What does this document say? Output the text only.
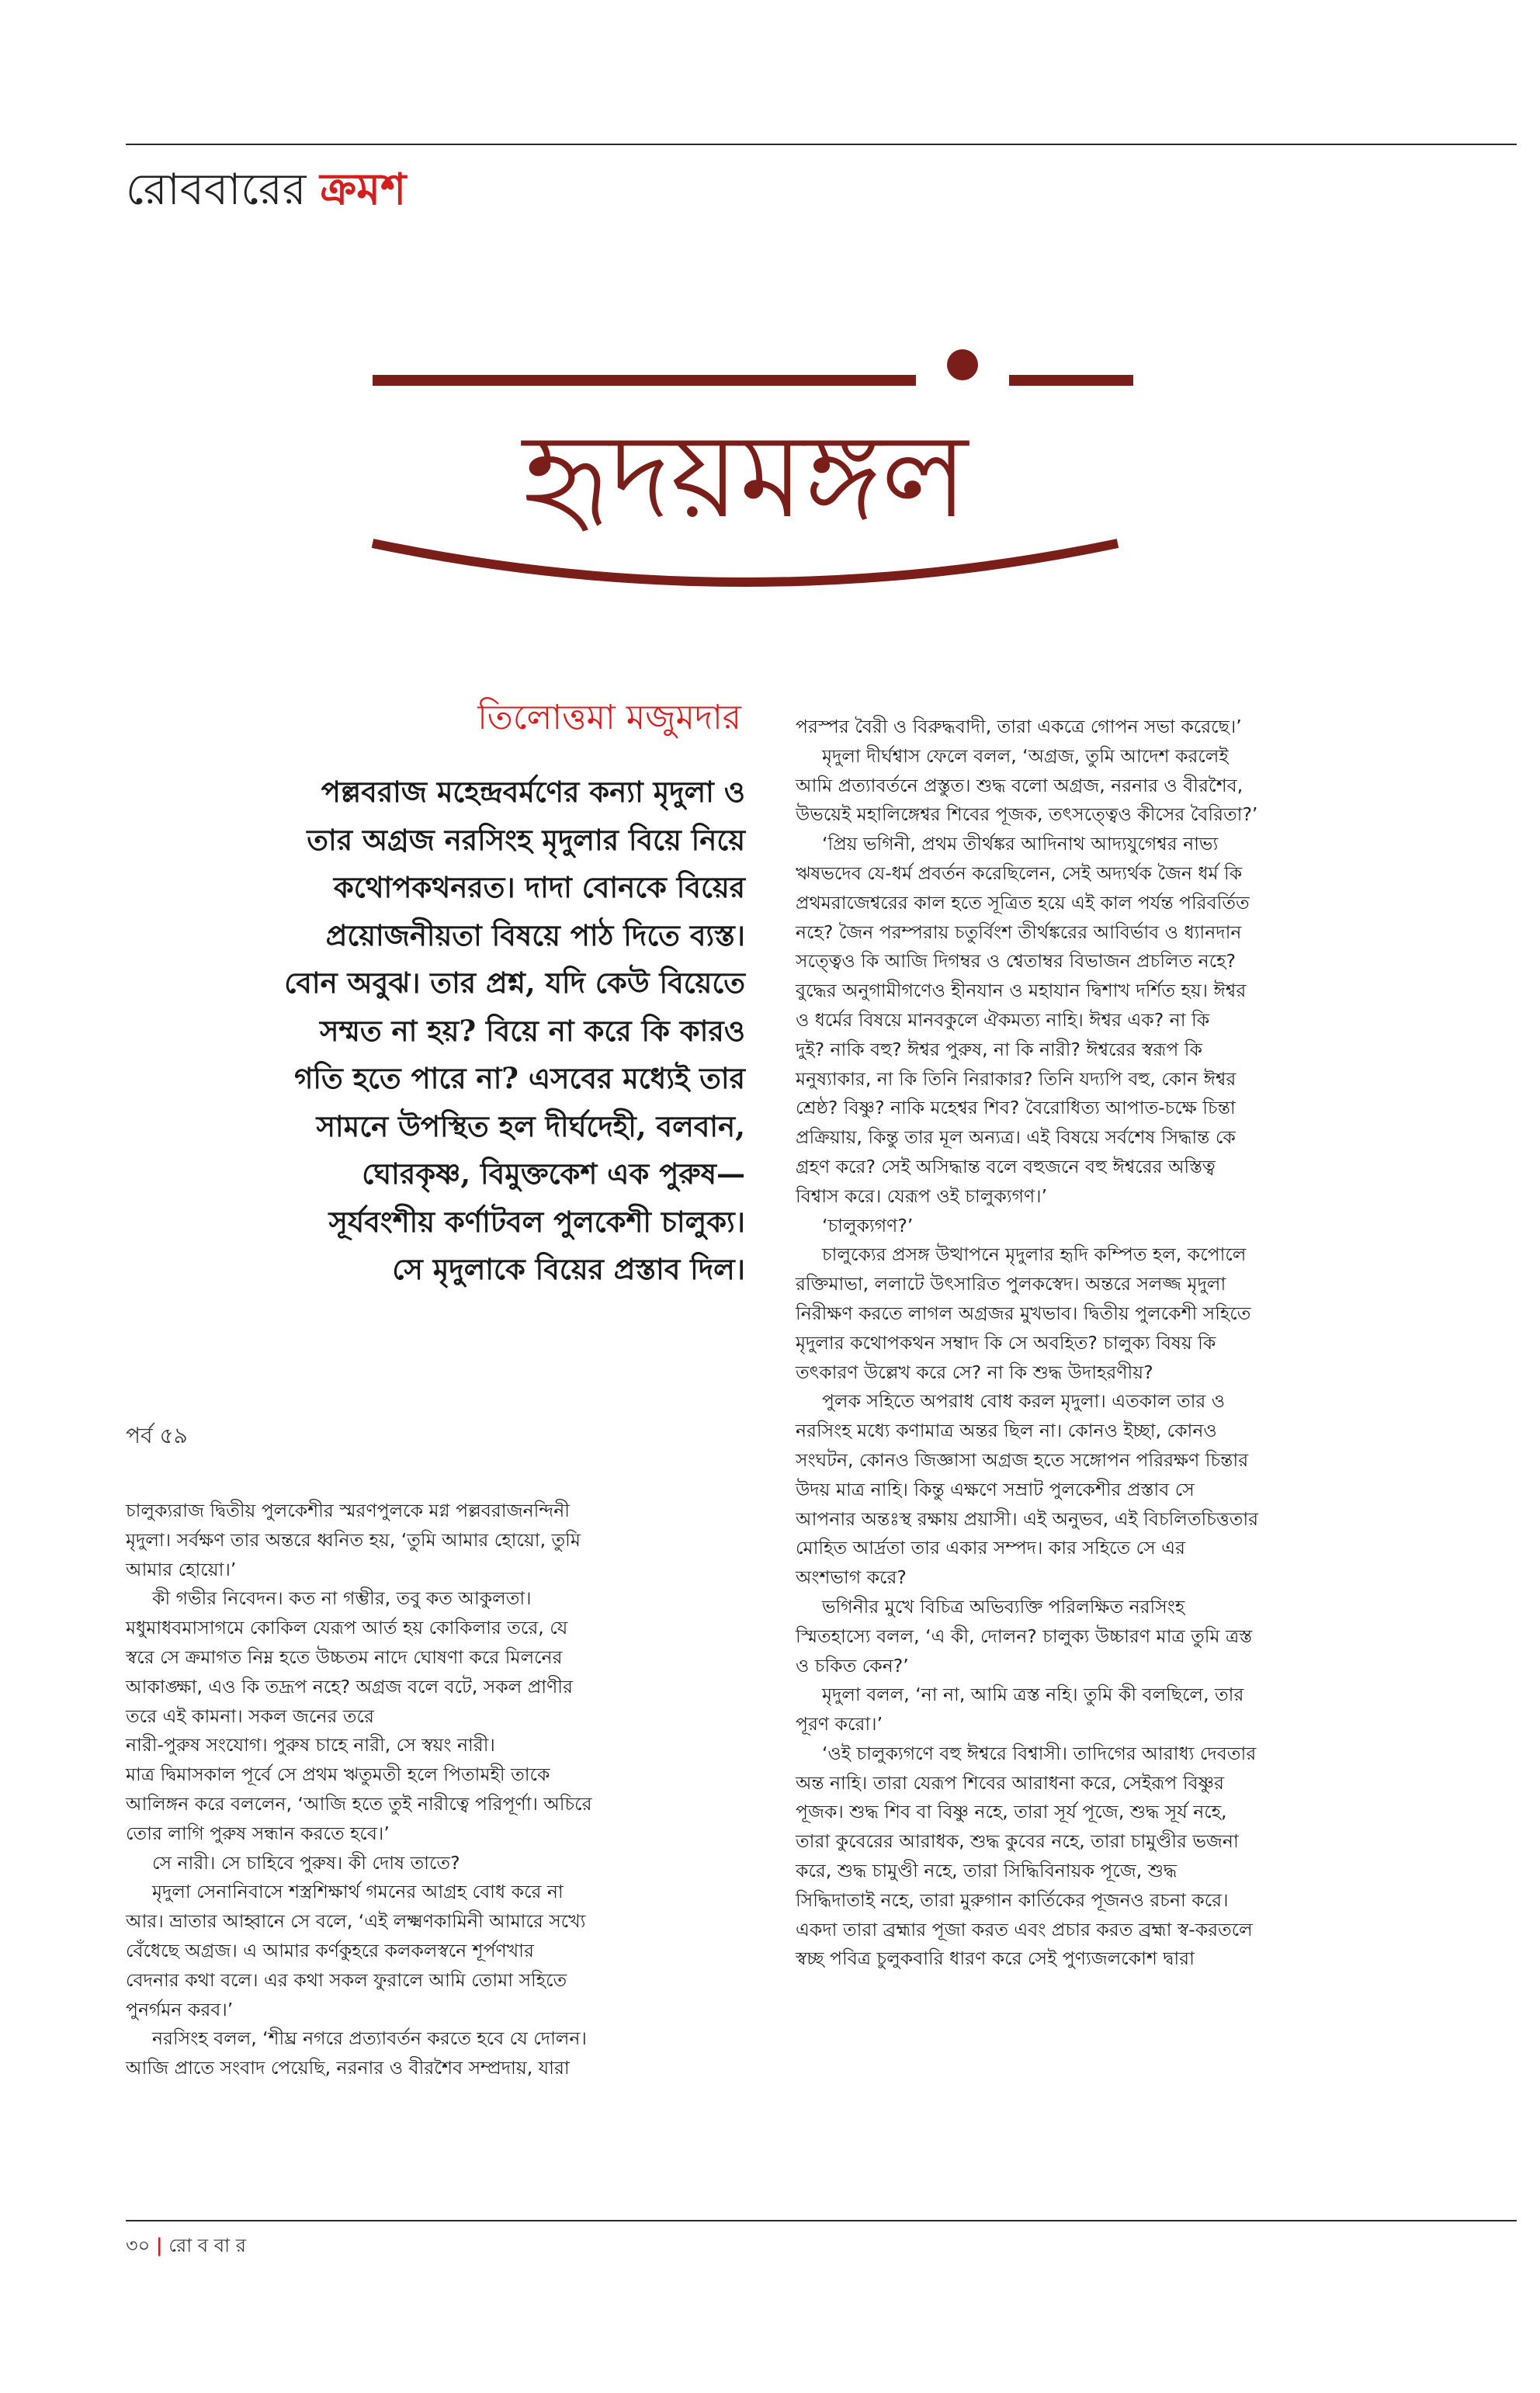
রোববারের ক্রমশ
হৃদয়মঙ্গল
তিলোত্তমা মজুমদার
পল্লবরাজ মহেন্দ্রবর্মণের কন্যা মৃদুলা ও
তার অগ্রজ নরসিংহ মৃদুলার বিয়ে নিয়ে
কথোপকথনরত। দাদা বোনকে বিয়ের
প্রয়োজনীয়তা বিষয়ে পাঠ দিতে ব্যস্ত।
বোন অবুঝ। তার প্রশ্ন, যদি কেউ বিয়েতে
সম্মত না হয়? বিয়ে না করে কি কারও
গতি হতে পারে না? এসবের মধ্যেই তার
সামনে উপস্থিত হল দীর্ঘদেহী, বলবান,
ঘোরকৃষ্ণ, বিমুক্তকেশ এক পুরুষ—
সূর্যবংশীয় কর্ণাটবল পুলকেশী চালুক্য।
সে মৃদুলাকে বিয়ের প্রস্তাব দিল।
পর্ব ৫৯
চালুক্যরাজ দ্বিতীয় পুলকেশীর স্মরণপুলকে মগ্ন পল্লবরাজনন্দিনী
মৃদুলা। সর্বক্ষণ তার অন্তরে ধ্বনিত হয়, ‘তুমি আমার হোয়ো, তুমি
আমার হোয়ো।’
কী গভীর নিবেদন। কত না গম্ভীর, তবু কত আকুলতা।
মধুমাধবমাসাগমে কোকিল যেরূপ আর্ত হয় কোকিলার তরে, যে
স্বরে সে ক্রমাগত নিম্ন হতে উচ্চতম নাদে ঘোষণা করে মিলনের
আকাঙ্ক্ষা, এও কি তদ্রূপ নহে? অগ্রজ বলে বটে, সকল প্রাণীর
তরে এই কামনা। সকল জনের তরে
নারী-পুরুষ সংযোগ। পুরুষ চাহে নারী, সে স্বয়ং নারী।
মাত্র দ্বিমাসকাল পূর্বে সে প্রথম ঋতুমতী হলে পিতামহী তাকে
আলিঙ্গন করে বললেন, ‘আজি হতে তুই নারীত্বে পরিপূর্ণা। অচিরে
তোর লাগি পুরুষ সন্ধান করতে হবে।’
সে নারী। সে চাহিবে পুরুষ। কী দোষ তাতে?
মৃদুলা সেনানিবাসে শস্ত্রশিক্ষার্থ গমনের আগ্রহ বোধ করে না
আর। ভ্রাতার আহ্বানে সে বলে, ‘এই লক্ষ্মণকামিনী আমারে সখ্যে
বেঁধেছে অগ্রজ। এ আমার কর্ণকুহরে কলকলস্বনে শূর্পণখার
বেদনার কথা বলে। এর কথা সকল ফুরালে আমি তোমা সহিতে
পুনর্গমন করব।’
নরসিংহ বলল, ‘শীঘ্র নগরে প্রত্যাবর্তন করতে হবে যে দোলন।
আজি প্রাতে সংবাদ পেয়েছি, নরনার ও বীরশৈব সম্প্রদায়, যারা
পরস্পর বৈরী ও বিরুদ্ধবাদী, তারা একত্রে গোপন সভা করেছে।’
মৃদুলা দীর্ঘশ্বাস ফেলে বলল, ‘অগ্রজ, তুমি আদেশ করলেই
আমি প্রত্যাবর্তনে প্রস্তুত। শুদ্ধ বলো অগ্রজ, নরনার ও বীরশৈব,
উভয়েই মহালিঙ্গেশ্বর শিবের পূজক, তৎসত্ত্বেও কীসের বৈরিতা?’
‘প্রিয় ভগিনী, প্রথম তীর্থঙ্কর আদিনাথ আদ্যযুগেশ্বর নাভ্য
ঋষভদেব যে-ধর্ম প্রবর্তন করেছিলেন, সেই অদ্যর্থক জৈন ধর্ম কি
প্রথমরাজেশ্বরের কাল হতে সূত্রিত হয়ে এই কাল পর্যন্ত পরিবর্তিত
নহে? জৈন পরম্পরায় চতুর্বিংশ তীর্থঙ্করের আবির্ভাব ও ধ্যানদান
সত্ত্বেও কি আজি দিগম্বর ও শ্বেতাম্বর বিভাজন প্রচলিত নহে?
বুদ্ধের অনুগামীগণেও হীনযান ও মহাযান দ্বিশাখ দর্শিত হয়। ঈশ্বর
ও ধর্মের বিষয়ে মানবকুলে ঐকমত্য নাহি। ঈশ্বর এক? না কি
দুই? নাকি বহু? ঈশ্বর পুরুষ, না কি নারী? ঈশ্বরের স্বরূপ কি
মনুষ্যাকার, না কি তিনি নিরাকার? তিনি যদ্যপি বহু, কোন ঈশ্বর
শ্রেষ্ঠ? বিষ্ণু? নাকি মহেশ্বর শিব? বৈরোধিত্য আপাত-চক্ষে চিন্তা
প্রক্রিয়ায়, কিন্তু তার মূল অন্যত্র। এই বিষয়ে সর্বশেষ সিদ্ধান্ত কে
গ্রহণ করে? সেই অসিদ্ধান্ত বলে বহুজনে বহু ঈশ্বরের অস্তিত্ব
বিশ্বাস করে। যেরূপ ওই চালুক্যগণ।’
‘চালুক্যগণ?’
চালুক্যের প্রসঙ্গ উত্থাপনে মৃদুলার হৃদি কম্পিত হল, কপোলে
রক্তিমাভা, ললাটে উৎসারিত পুলকস্বেদ। অন্তরে সলজ্জ মৃদুলা
নিরীক্ষণ করতে লাগল অগ্রজর মুখভাব। দ্বিতীয় পুলকেশী সহিতে
মৃদুলার কথোপকথন সম্বাদ কি সে অবহিত? চালুক্য বিষয় কি
তৎকারণ উল্লেখ করে সে? না কি শুদ্ধ উদাহরণীয়?
পুলক সহিতে অপরাধ বোধ করল মৃদুলা। এতকাল তার ও
নরসিংহ মধ্যে কণামাত্র অন্তর ছিল না। কোনও ইচ্ছা, কোনও
সংঘটন, কোনও জিজ্ঞাসা অগ্রজ হতে সঙ্গোপন পরিরক্ষণ চিন্তার
উদয় মাত্র নাহি। কিন্তু এক্ষণে সম্রাট পুলকেশীর প্রস্তাব সে
আপনার অন্তঃস্থ রক্ষায় প্রয়াসী। এই অনুভব, এই বিচলিতচিত্ততার
মোহিত আর্দ্রতা তার একার সম্পদ। কার সহিতে সে এর
অংশভাগ করে?
ভগিনীর মুখে বিচিত্র অভিব্যক্তি পরিলক্ষিত নরসিংহ
স্মিতহাস্যে বলল, ‘এ কী, দোলন? চালুক্য উচ্চারণ মাত্র তুমি ত্রস্ত
ও চকিত কেন?’
মৃদুলা বলল, ‘না না, আমি ত্রস্ত নহি। তুমি কী বলছিলে, তার
পূরণ করো।’
‘ওই চালুক্যগণে বহু ঈশ্বরে বিশ্বাসী। তাদিগের আরাধ্য দেবতার
অন্ত নাহি। তারা যেরূপ শিবের আরাধনা করে, সেইরূপ বিষ্ণুর
পূজক। শুদ্ধ শিব বা বিষ্ণু নহে, তারা সূর্য পূজে, শুদ্ধ সূর্য নহে,
তারা কুবেরের আরাধক, শুদ্ধ কুবের নহে, তারা চামুণ্ডীর ভজনা
করে, শুদ্ধ চামুণ্ডী নহে, তারা সিদ্ধিবিনায়ক পূজে, শুদ্ধ
সিদ্ধিদাতাই নহে, তারা মুরুগান কার্তিকের পূজনও রচনা করে।
একদা তারা ব্রহ্মার পূজা করত এবং প্রচার করত ব্রহ্মা স্ব-করতলে
স্বচ্ছ পবিত্র চুলুকবারি ধারণ করে সেই পুণ্যজলকোশ দ্বারা
৩০ | রো ব বা র
